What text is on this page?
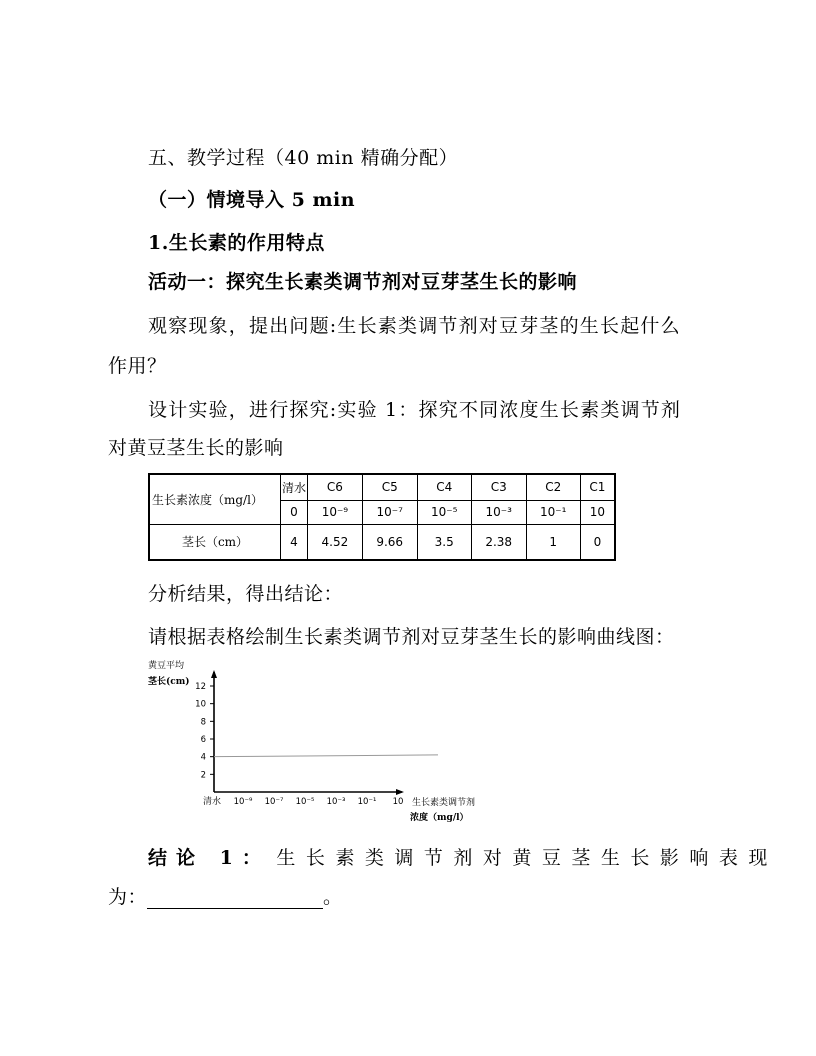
五、教学过程（40 min 精确分配）
（一）情境导入 5 min
1.生长素的作用特点
活动一：探究生长素类调节剂对豆芽茎生长的影响
观察现象，提出问题:生长素类调节剂对豆芽茎的生长起什么
作用？
设计实验，进行探究:实验 1：探究不同浓度生长素类调节剂
对黄豆茎生长的影响
生长素浓度（mg/l）	清水	C6	C5	C4	C3	C2	C1
	0	10⁻⁹	10⁻⁷	10⁻⁵	10⁻³	10⁻¹	10
茎长（cm）	4	4.52	9.66	3.5	2.38	1	0
分析结果，得出结论：
请根据表格绘制生长素类调节剂对豆芽茎生长的影响曲线图：
黄豆平均
茎长(cm)
2
4
6
8
10
12
清水 10⁻⁹ 10⁻⁷ 10⁻⁵ 10⁻³ 10⁻¹ 10 生长素类调节剂
浓度（mg/l）
结论 1： 生长素类调节剂对黄豆茎生长影响表现
为：	。
